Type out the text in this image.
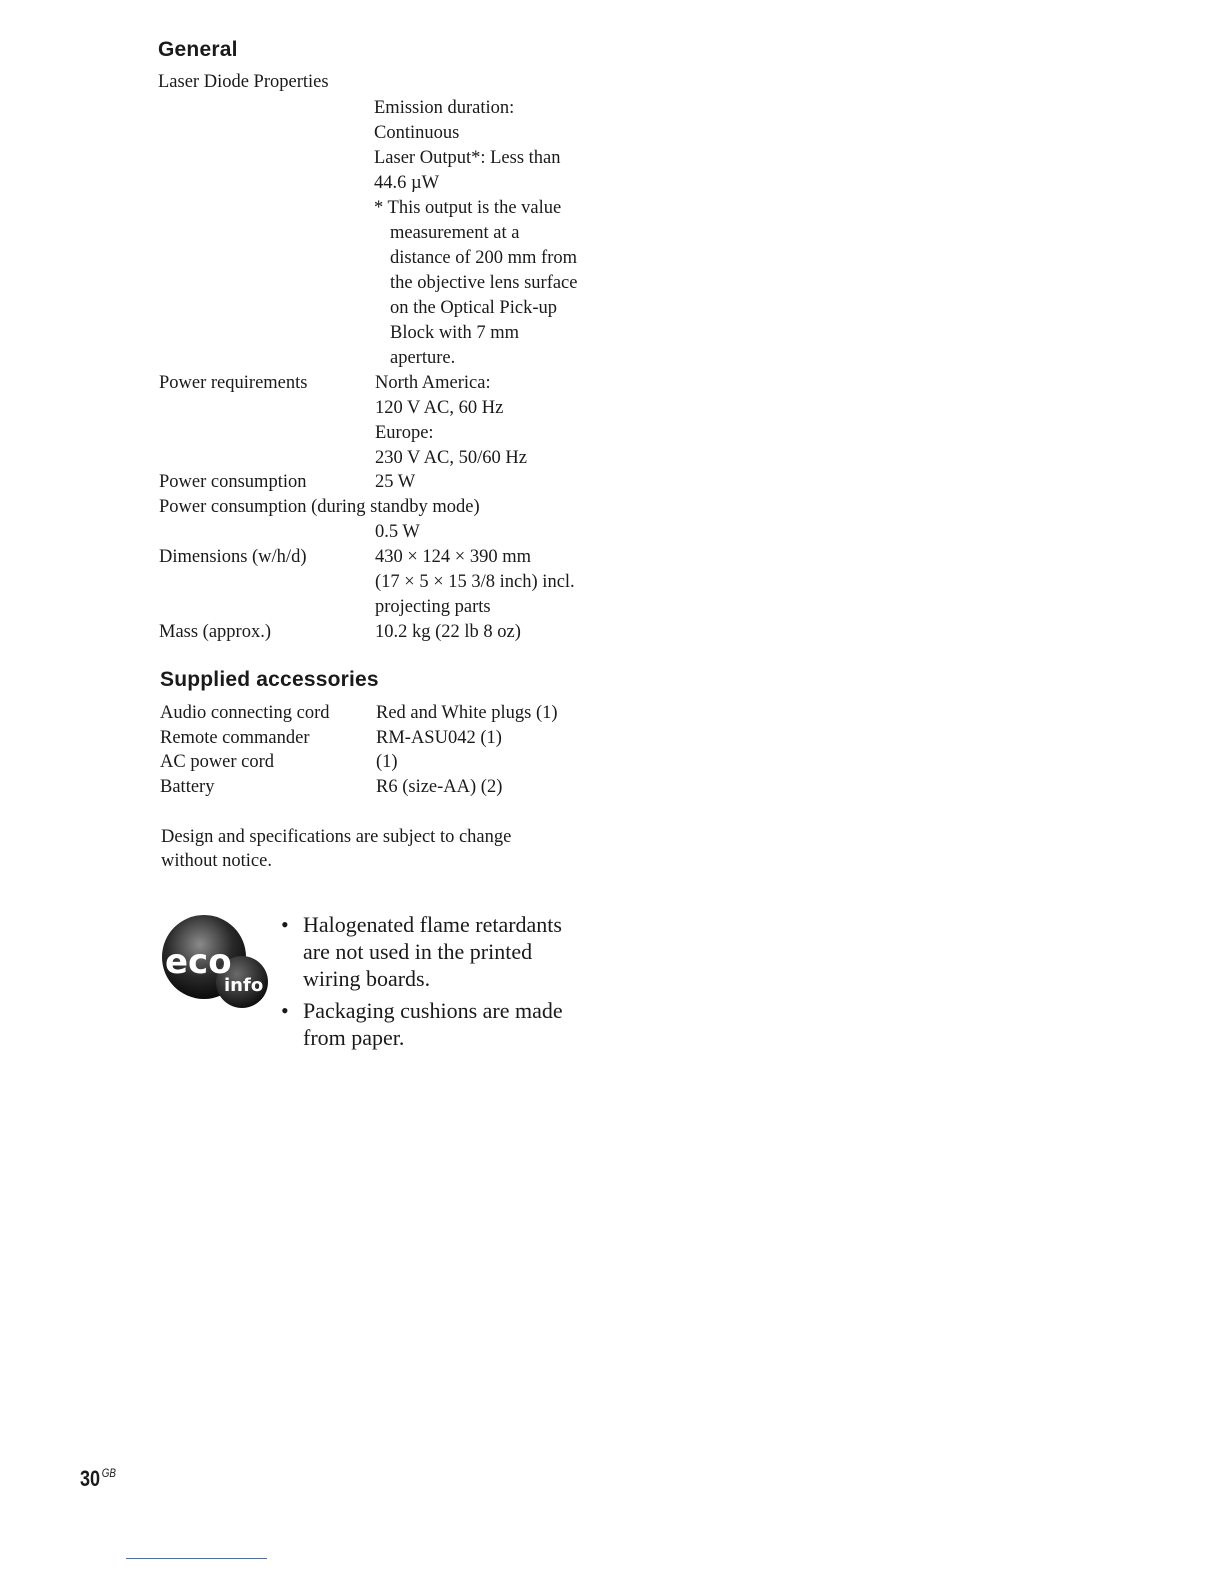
General
Laser Diode Properties
Emission duration:
Continuous
Laser Output*: Less than
44.6 µW
* This output is the value
measurement at a
distance of 200 mm from
the objective lens surface
on the Optical Pick-up
Block with 7 mm
aperture.
Power requirements	North America:
120 V AC, 60 Hz
Europe:
230 V AC, 50/60 Hz
Power consumption	25 W
Power consumption (during standby mode)
0.5 W
Dimensions (w/h/d)	430 × 124 × 390 mm
(17 × 5 × 15 3/8 inch) incl.
projecting parts
Mass (approx.)	10.2 kg (22 lb 8 oz)
Supplied accessories
Audio connecting cord	Red and White plugs (1)
Remote commander	RM-ASU042 (1)
AC power cord	(1)
Battery	R6 (size-AA) (2)
Design and specifications are subject to change
without notice.
eco
info
• Halogenated flame retardants
are not used in the printed
wiring boards.
• Packaging cushions are made
from paper.
30 $^{GB}$
